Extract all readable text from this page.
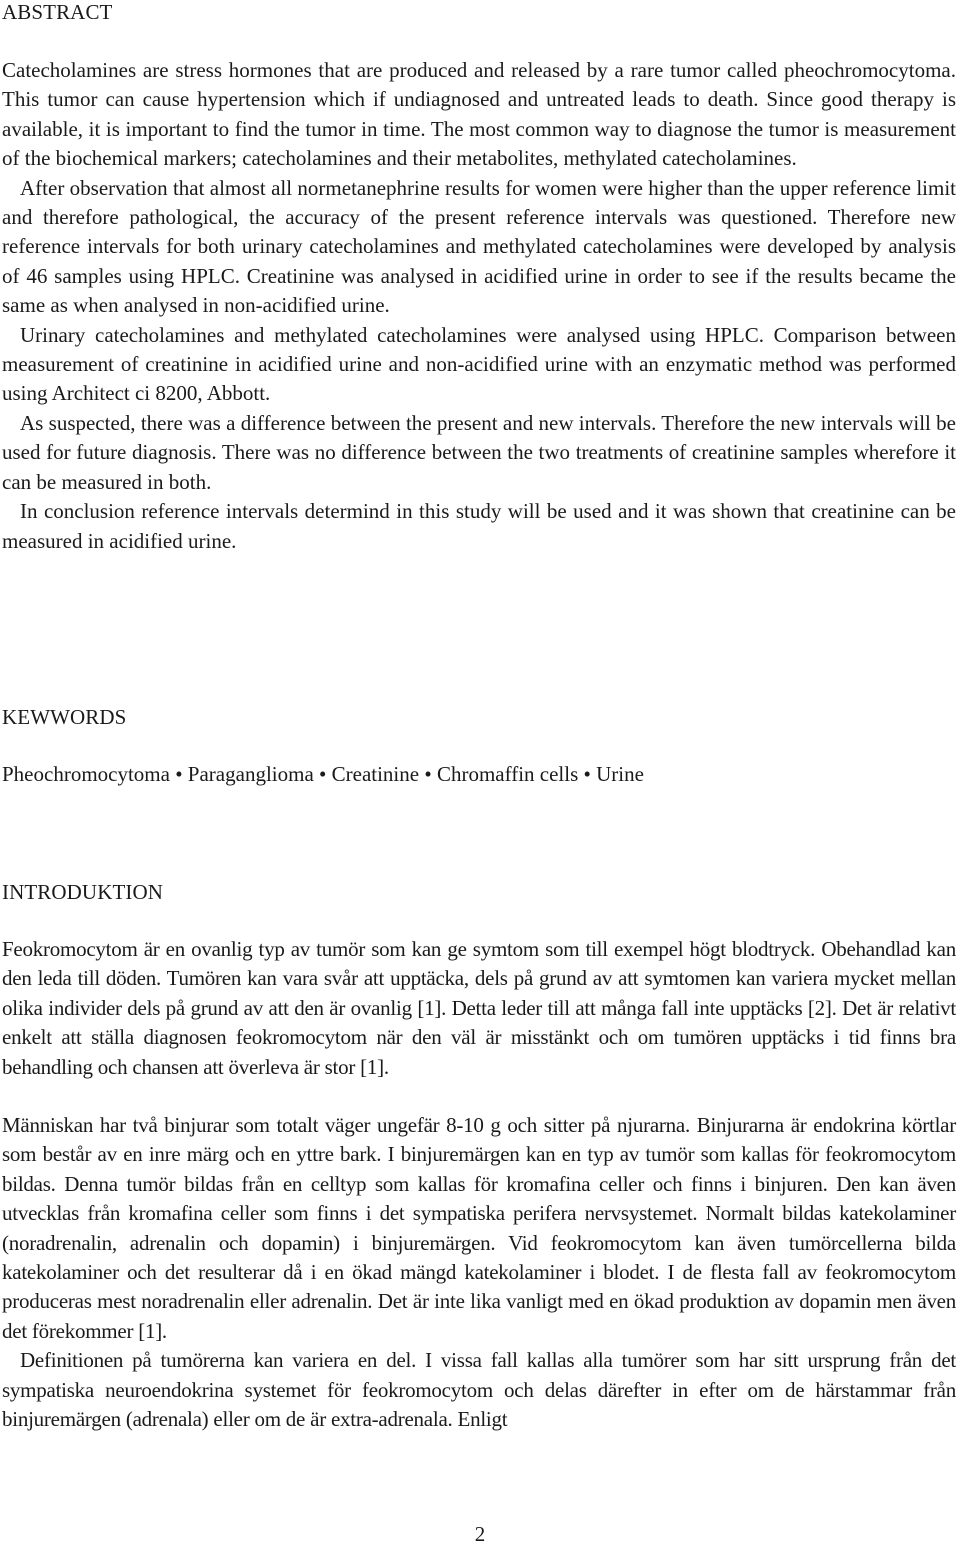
ABSTRACT

Catecholamines are stress hormones that are produced and released by a rare tumor called pheochromocytoma. This tumor can cause hypertension which if undiagnosed and untreated leads to death. Since good therapy is available, it is important to find the tumor in time. The most common way to diagnose the tumor is measurement of the biochemical markers; catecholamines and their metabolites, methylated catecholamines.

After observation that almost all normetanephrine results for women were higher than the upper reference limit and therefore pathological, the accuracy of the present reference intervals was questioned. Therefore new reference intervals for both urinary catecholamines and methylated catecholamines were developed by analysis of 46 samples using HPLC. Creatinine was analysed in acidified urine in order to see if the results became the same as when analysed in non-acidified urine.

Urinary catecholamines and methylated catecholamines were analysed using HPLC. Comparison between measurement of creatinine in acidified urine and non-acidified urine with an enzymatic method was performed using Architect ci 8200, Abbott.

As suspected, there was a difference between the present and new intervals. Therefore the new intervals will be used for future diagnosis. There was no difference between the two treatments of creatinine samples wherefore it can be measured in both.

In conclusion reference intervals determind in this study will be used and it was shown that creatinine can be measured in acidified urine.

KEWWORDS

Pheochromocytoma • Paraganglioma • Creatinine • Chromaffin cells • Urine

INTRODUKTION

Feokromocytom är en ovanlig typ av tumör som kan ge symtom som till exempel högt blodtryck. Obehandlad kan den leda till döden. Tumören kan vara svår att upptäcka, dels på grund av att symtomen kan variera mycket mellan olika individer dels på grund av att den är ovanlig [1]. Detta leder till att många fall inte upptäcks [2]. Det är relativt enkelt att ställa diagnosen feokromocytom när den väl är misstänkt och om tumören upptäcks i tid finns bra behandling och chansen att överleva är stor [1].

Människan har två binjurar som totalt väger ungefär 8-10 g och sitter på njurarna. Binjurarna är endokrina körtlar som består av en inre märg och en yttre bark. I binjuremärgen kan en typ av tumör som kallas för feokromocytom bildas. Denna tumör bildas från en celltyp som kallas för kromafina celler och finns i binjuren. Den kan även utvecklas från kromafina celler som finns i det sympatiska perifera nervsystemet. Normalt bildas katekolaminer (noradrenalin, adrenalin och dopamin) i binjuremärgen. Vid feokromocytom kan även tumörcellerna bilda katekolaminer och det resulterar då i en ökad mängd katekolaminer i blodet. I de flesta fall av feokromocytom produceras mest noradrenalin eller adrenalin. Det är inte lika vanligt med en ökad produktion av dopamin men även det förekommer [1].

Definitionen på tumörerna kan variera en del. I vissa fall kallas alla tumörer som har sitt ursprung från det sympatiska neuroendokrina systemet för feokromocytom och delas därefter in efter om de härstammar från binjuremärgen (adrenala) eller om de är extra-adrenala. Enligt

2
